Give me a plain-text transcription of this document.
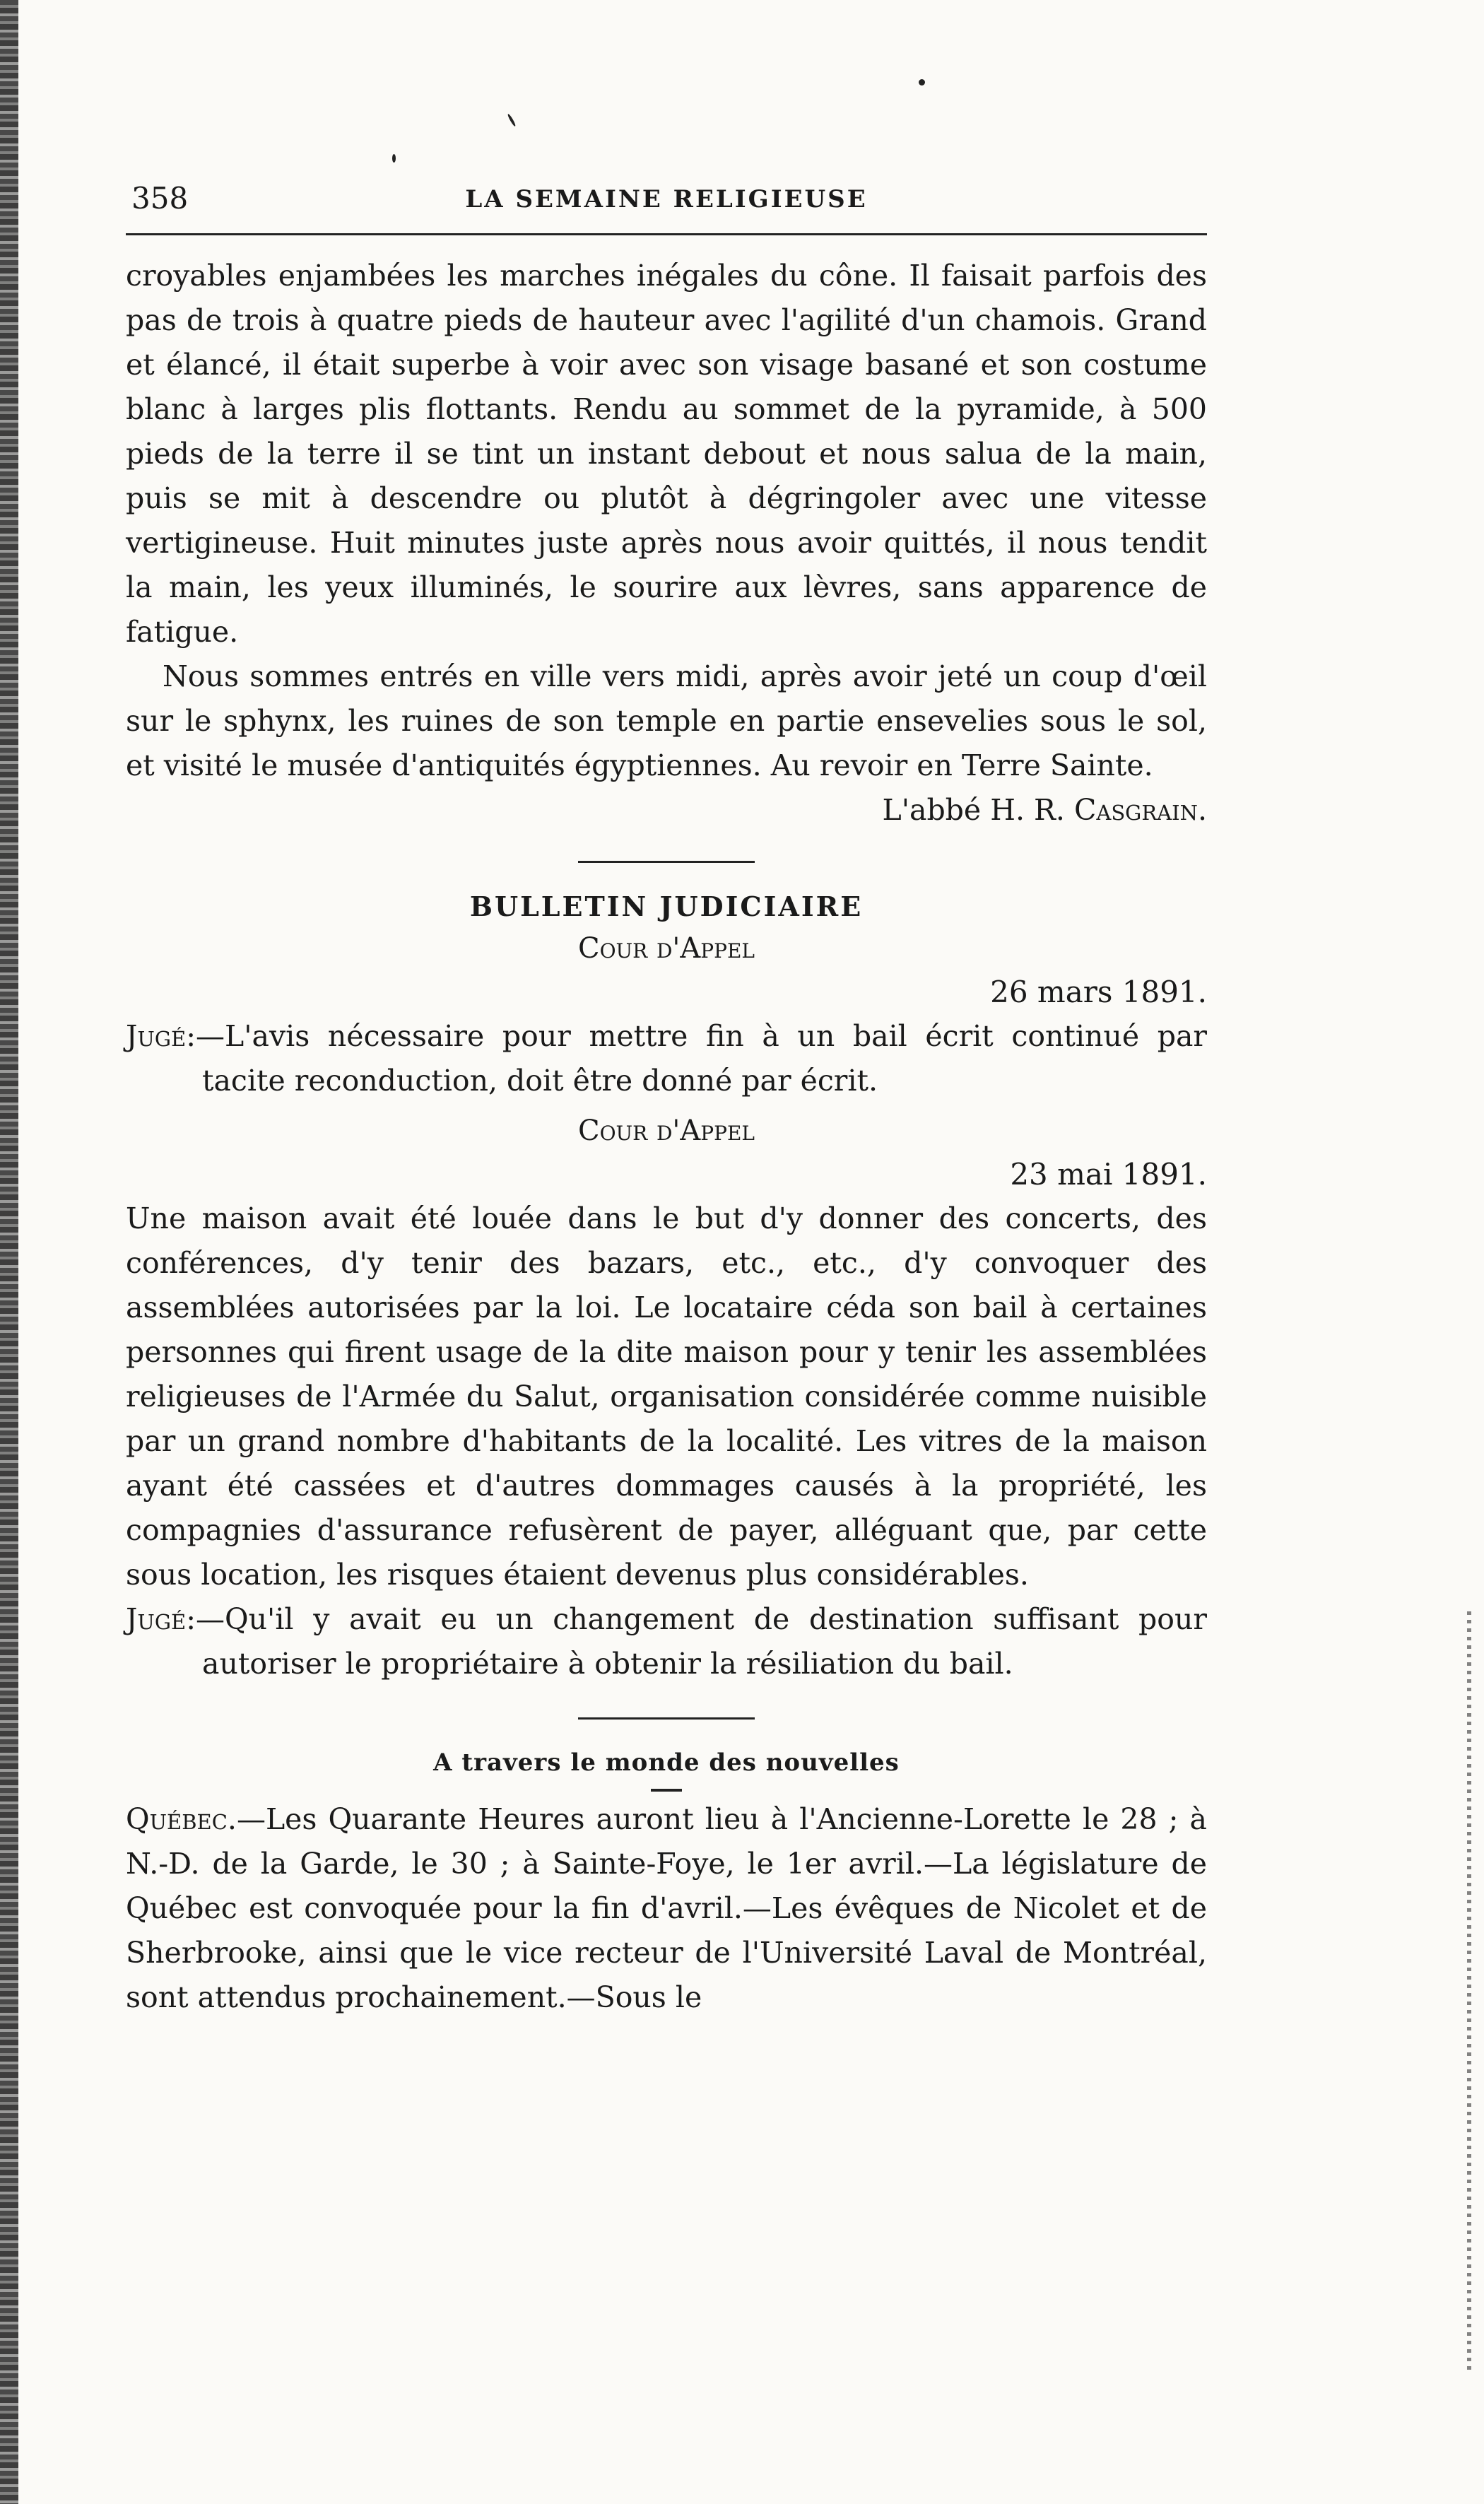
358	LA SEMAINE RELIGIEUSE

croyables enjambées les marches inégales du cône. Il faisait parfois des pas de trois à quatre pieds de hauteur avec l'agilité d'un chamois. Grand et élancé, il était superbe à voir avec son visage basané et son costume blanc à larges plis flottants. Rendu au sommet de la pyramide, à 500 pieds de la terre il se tint un instant debout et nous salua de la main, puis se mit à descendre ou plutôt à dégringoler avec une vitesse vertigineuse. Huit minutes juste après nous avoir quittés, il nous tendit la main, les yeux illuminés, le sourire aux lèvres, sans apparence de fatigue.

Nous sommes entrés en ville vers midi, après avoir jeté un coup d'œil sur le sphynx, les ruines de son temple en partie ensevelies sous le sol, et visité le musée d'antiquités égyptiennes. Au revoir en Terre Sainte.

L'abbé H. R. Casgrain.
BULLETIN JUDICIAIRE
Cour d'Appel
26 mars 1891.

Jugé:—L'avis nécessaire pour mettre fin à un bail écrit continué par tacite reconduction, doit être donné par écrit.

Cour d'Appel
23 mai 1891.

Une maison avait été louée dans le but d'y donner des concerts, des conférences, d'y tenir des bazars, etc., etc., d'y convoquer des assemblées autorisées par la loi. Le locataire céda son bail à certaines personnes qui firent usage de la dite maison pour y tenir les assemblées religieuses de l'Armée du Salut, organisation considérée comme nuisible par un grand nombre d'habitants de la localité. Les vitres de la maison ayant été cassées et d'autres dommages causés à la propriété, les compagnies d'assurance refusèrent de payer, alléguant que, par cette sous location, les risques étaient devenus plus considérables.

Jugé:—Qu'il y avait eu un changement de destination suffisant pour autoriser le propriétaire à obtenir la résiliation du bail.

A travers le monde des nouvelles

Québec.—Les Quarante Heures auront lieu à l'Ancienne-Lorette le 28 ; à N.-D. de la Garde, le 30 ; à Sainte-Foye, le 1er avril.—La législature de Québec est convoquée pour la fin d'avril.—Les évêques de Nicolet et de Sherbrooke, ainsi que le vice recteur de l'Université Laval de Montréal, sont attendus prochainement.—Sous le
